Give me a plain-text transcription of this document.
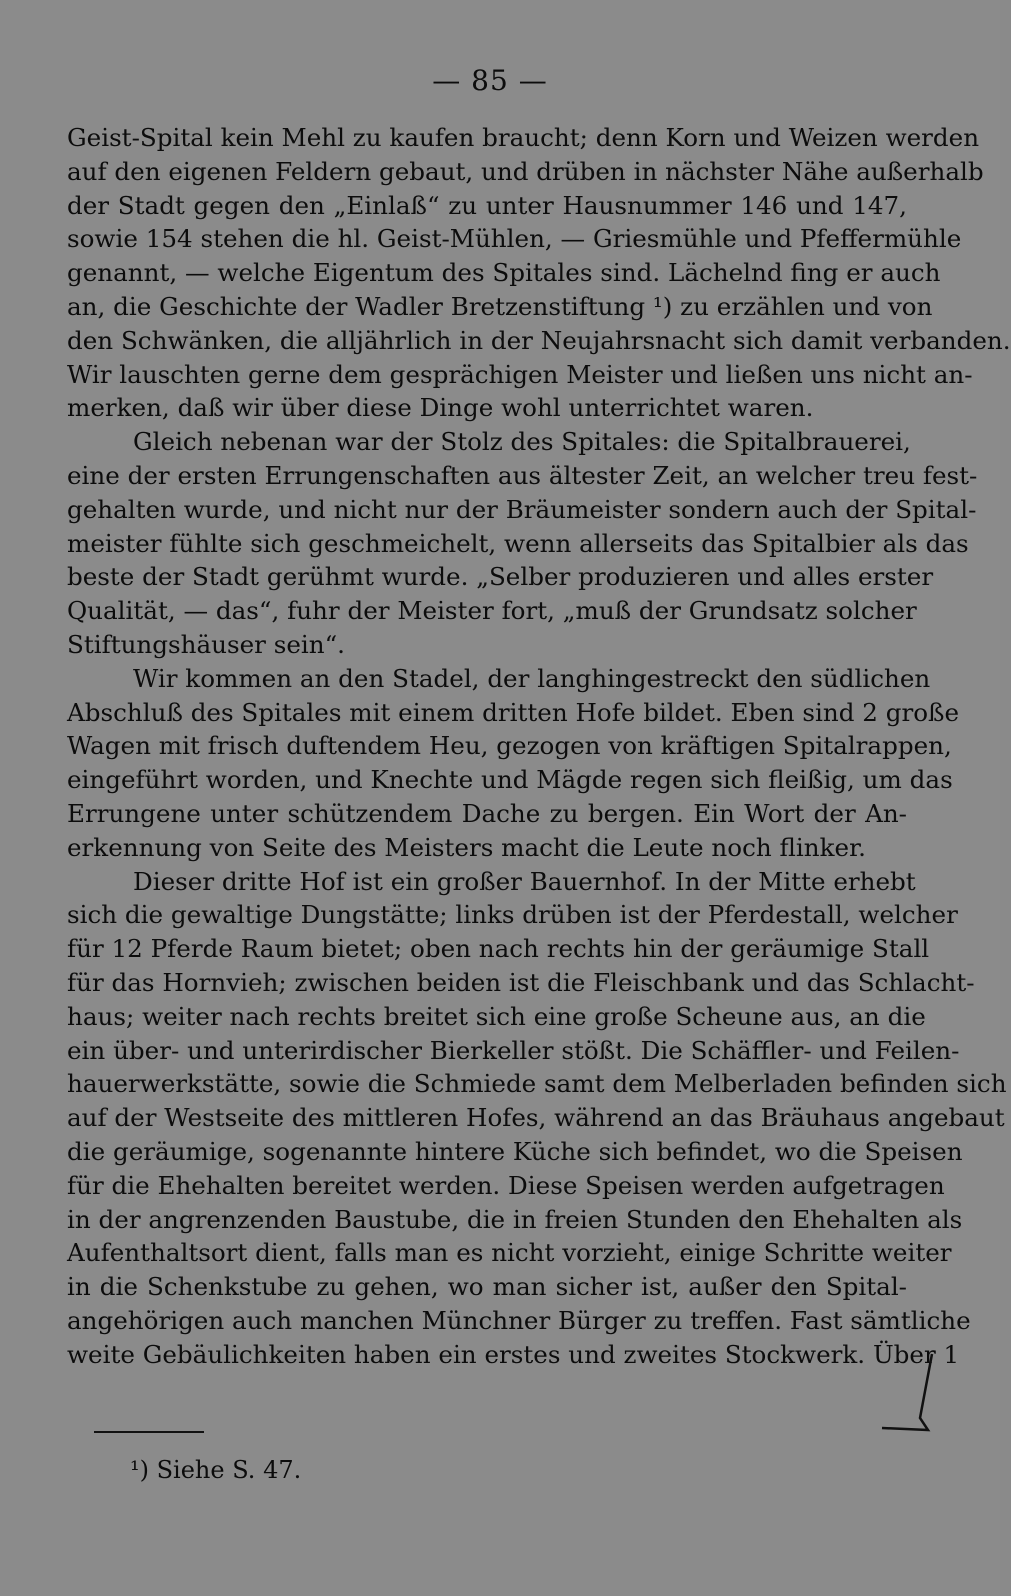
— 85 —
Geist-Spital kein Mehl zu kaufen braucht; denn Korn und Weizen werden
auf den eigenen Feldern gebaut, und drüben in nächster Nähe außerhalb
der Stadt gegen den „Einlaß“ zu unter Hausnummer 146 und 147,
sowie 154 stehen die hl. Geist-Mühlen, — Griesmühle und Pfeffermühle
genannt, — welche Eigentum des Spitales sind. Lächelnd fing er auch
an, die Geschichte der Wadler Bretzenstiftung ¹) zu erzählen und von
den Schwänken, die alljährlich in der Neujahrsnacht sich damit verbanden.
Wir lauschten gerne dem gesprächigen Meister und ließen uns nicht an-
merken, daß wir über diese Dinge wohl unterrichtet waren.
Gleich nebenan war der Stolz des Spitales: die Spitalbrauerei,
eine der ersten Errungenschaften aus ältester Zeit, an welcher treu fest-
gehalten wurde, und nicht nur der Bräumeister sondern auch der Spital-
meister fühlte sich geschmeichelt, wenn allerseits das Spitalbier als das
beste der Stadt gerühmt wurde. „Selber produzieren und alles erster
Qualität, — das“, fuhr der Meister fort, „muß der Grundsatz solcher
Stiftungshäuser sein“.
Wir kommen an den Stadel, der langhingestreckt den südlichen
Abschluß des Spitales mit einem dritten Hofe bildet. Eben sind 2 große
Wagen mit frisch duftendem Heu, gezogen von kräftigen Spitalrappen,
eingeführt worden, und Knechte und Mägde regen sich fleißig, um das
Errungene unter schützendem Dache zu bergen. Ein Wort der An-
erkennung von Seite des Meisters macht die Leute noch flinker.
Dieser dritte Hof ist ein großer Bauernhof. In der Mitte erhebt
sich die gewaltige Dungstätte; links drüben ist der Pferdestall, welcher
für 12 Pferde Raum bietet; oben nach rechts hin der geräumige Stall
für das Hornvieh; zwischen beiden ist die Fleischbank und das Schlacht-
haus; weiter nach rechts breitet sich eine große Scheune aus, an die
ein über- und unterirdischer Bierkeller stößt. Die Schäffler- und Feilen-
hauerwerkstätte, sowie die Schmiede samt dem Melberladen befinden sich
auf der Westseite des mittleren Hofes, während an das Bräuhaus angebaut
die geräumige, sogenannte hintere Küche sich befindet, wo die Speisen
für die Ehehalten bereitet werden. Diese Speisen werden aufgetragen
in der angrenzenden Baustube, die in freien Stunden den Ehehalten als
Aufenthaltsort dient, falls man es nicht vorzieht, einige Schritte weiter
in die Schenkstube zu gehen, wo man sicher ist, außer den Spital-
angehörigen auch manchen Münchner Bürger zu treffen. Fast sämtliche
weite Gebäulichkeiten haben ein erstes und zweites Stockwerk. Über 1
¹) Siehe S. 47.
